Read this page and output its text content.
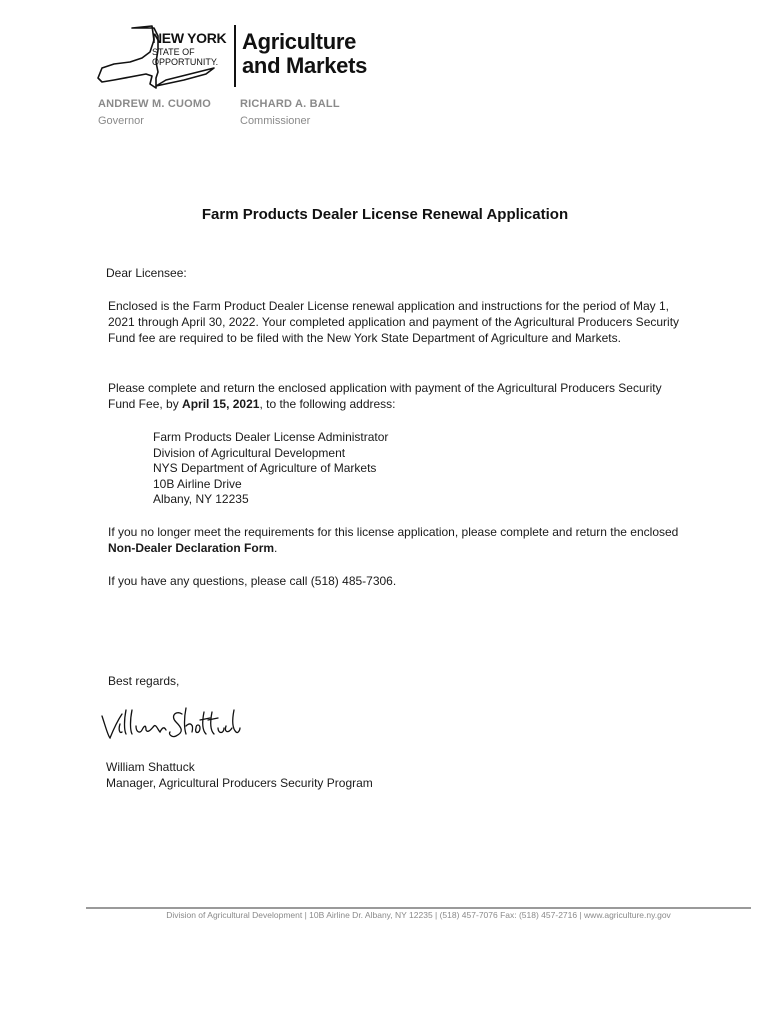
NEW YORK
STATE OF OPPORTUNITY.
Agriculture
and Markets
ANDREW M. CUOMO
Governor
RICHARD A. BALL
Commissioner
Farm Products Dealer License Renewal Application
Dear Licensee:
Enclosed is the Farm Product Dealer License renewal application and instructions for the period of May 1, 2021 through April 30, 2022. Your completed application and payment of the Agricultural Producers Security Fund fee are required to be filed with the New York State Department of Agriculture and Markets.
Please complete and return the enclosed application with payment of the Agricultural Producers Security Fund Fee, by April 15, 2021, to the following address:
Farm Products Dealer License Administrator
Division of Agricultural Development
NYS Department of Agriculture of Markets
10B Airline Drive
Albany, NY 12235
If you no longer meet the requirements for this license application, please complete and return the enclosed Non-Dealer Declaration Form.
If you have any questions, please call (518) 485-7306.
Best regards,
William Shattuck
Manager, Agricultural Producers Security Program
Division of Agricultural Development | 10B Airline Dr. Albany, NY 12235 | (518) 457-7076 Fax: (518) 457-2716 | www.agriculture.ny.gov
